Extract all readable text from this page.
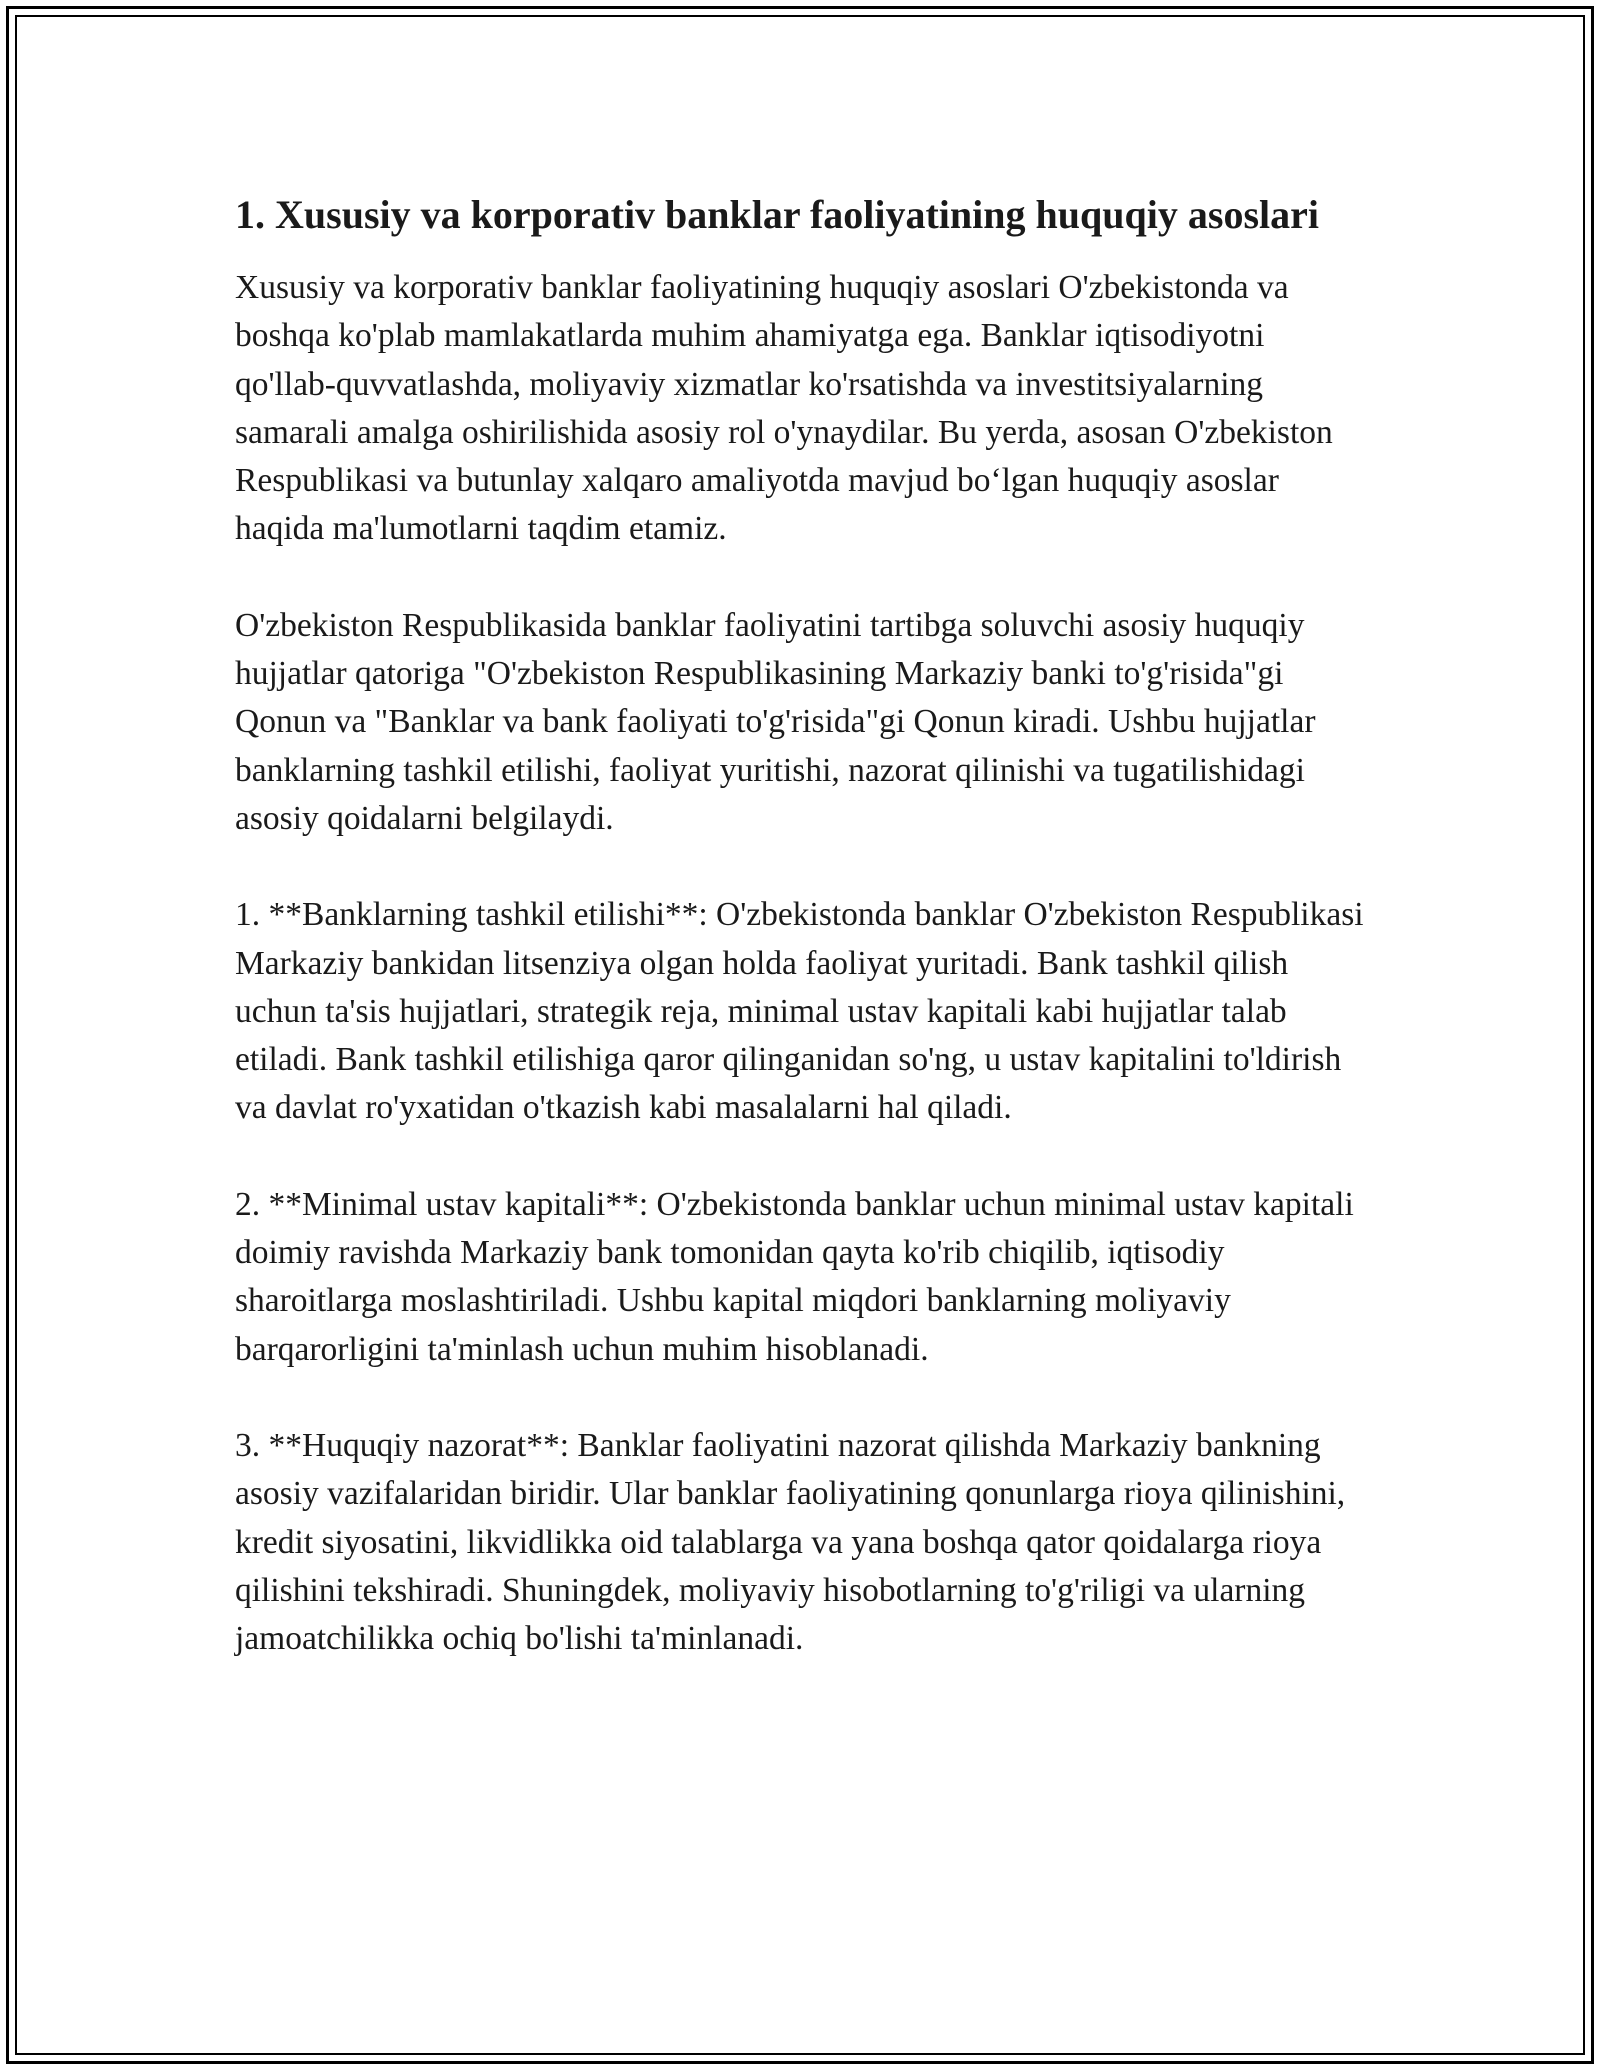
1. Xususiy va korporativ banklar faoliyatining huquqiy asoslari

Xususiy va korporativ banklar faoliyatining huquqiy asoslari O'zbekistonda va boshqa ko'plab mamlakatlarda muhim ahamiyatga ega. Banklar iqtisodiyotni qo'llab-quvvatlashda, moliyaviy xizmatlar ko'rsatishda va investitsiyalarning samarali amalga oshirilishida asosiy rol o'ynaydilar. Bu yerda, asosan O'zbekiston Respublikasi va butunlay xalqaro amaliyotda mavjud bo‘lgan huquqiy asoslar haqida ma'lumotlarni taqdim etamiz.

O'zbekiston Respublikasida banklar faoliyatini tartibga soluvchi asosiy huquqiy hujjatlar qatoriga "O'zbekiston Respublikasining Markaziy banki to'g'risida"gi Qonun va "Banklar va bank faoliyati to'g'risida"gi Qonun kiradi. Ushbu hujjatlar banklarning tashkil etilishi, faoliyat yuritishi, nazorat qilinishi va tugatilishidagi asosiy qoidalarni belgilaydi.

1. **Banklarning tashkil etilishi**: O'zbekistonda banklar O'zbekiston Respublikasi Markaziy bankidan litsenziya olgan holda faoliyat yuritadi. Bank tashkil qilish uchun ta'sis hujjatlari, strategik reja, minimal ustav kapitali kabi hujjatlar talab etiladi. Bank tashkil etilishiga qaror qilinganidan so'ng, u ustav kapitalini to'ldirish va davlat ro'yxatidan o'tkazish kabi masalalarni hal qiladi.

2. **Minimal ustav kapitali**: O'zbekistonda banklar uchun minimal ustav kapitali doimiy ravishda Markaziy bank tomonidan qayta ko'rib chiqilib, iqtisodiy sharoitlarga moslashtiriladi. Ushbu kapital miqdori banklarning moliyaviy barqarorligini ta'minlash uchun muhim hisoblanadi.

3. **Huquqiy nazorat**: Banklar faoliyatini nazorat qilishda Markaziy bankning asosiy vazifalaridan biridir. Ular banklar faoliyatining qonunlarga rioya qilinishini, kredit siyosatini, likvidlikka oid talablarga va yana boshqa qator qoidalarga rioya qilishini tekshiradi. Shuningdek, moliyaviy hisobotlarning to'g'riligi va ularning jamoatchilikka ochiq bo'lishi ta'minlanadi.
